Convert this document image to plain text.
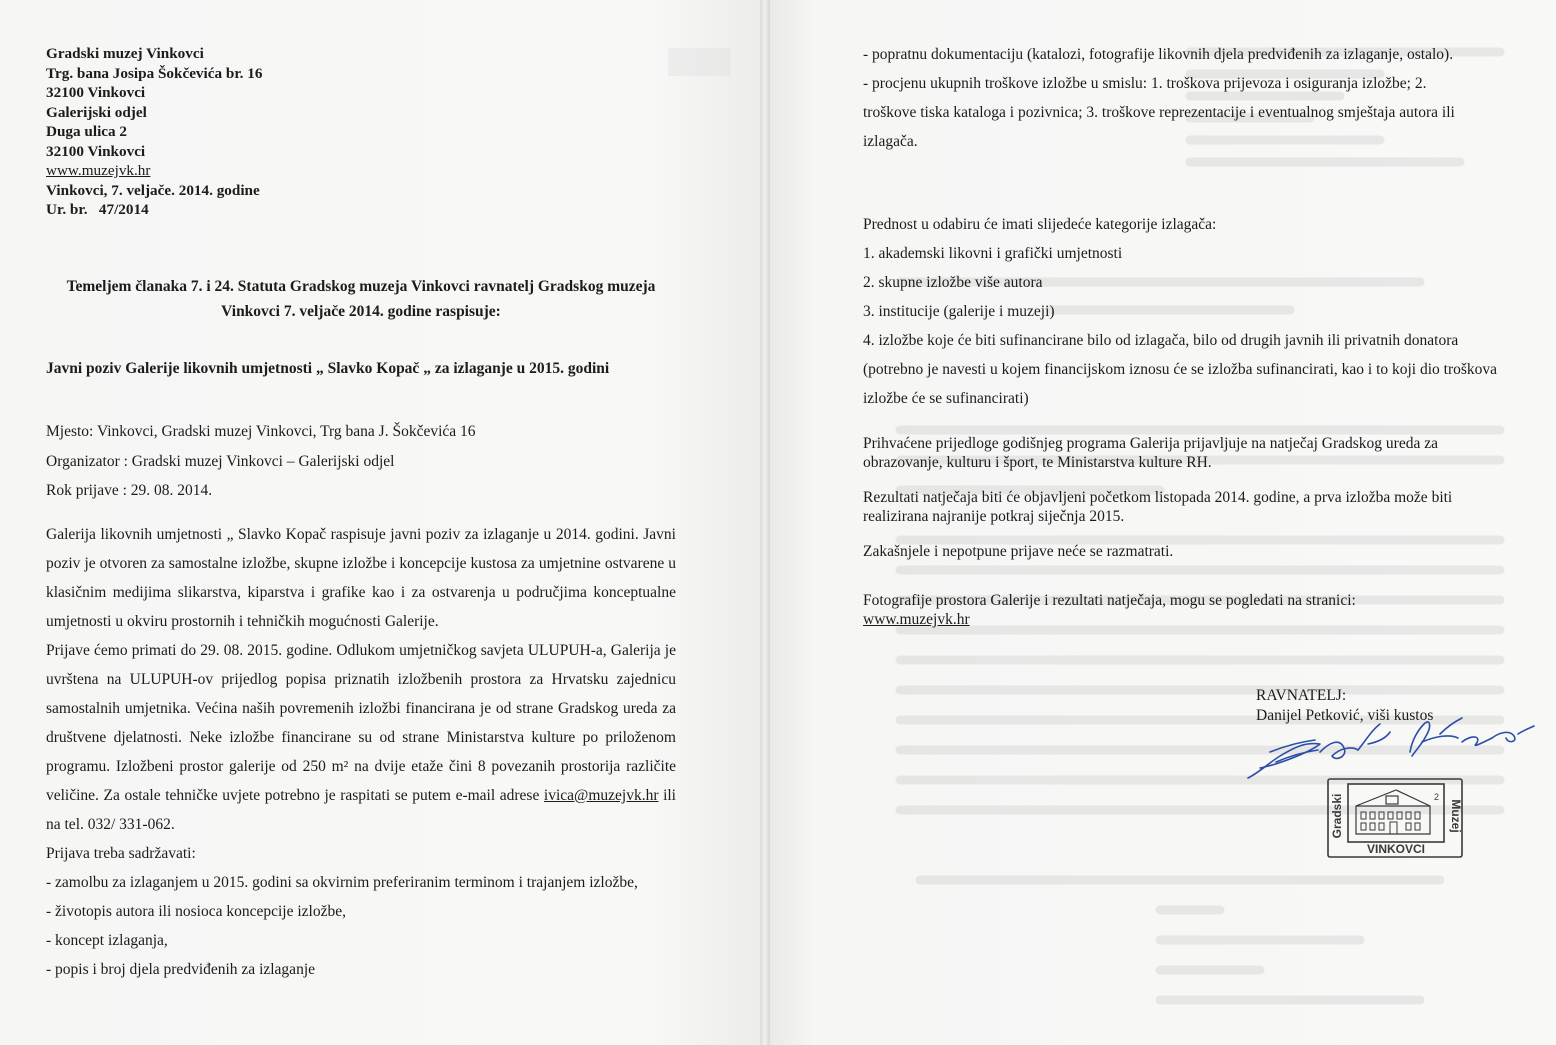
Gradski muzej Vinkovci
Trg. bana Josipa Šokčevića br. 16
32100 Vinkovci
Galerijski odjel
Duga ulica 2
32100 Vinkovci
www.muzejvk.hr
Vinkovci, 7. veljače. 2014. godine
Ur. br.   47/2014
Temeljem članaka 7. i 24. Statuta Gradskog muzeja Vinkovci ravnatelj Gradskog muzeja Vinkovci 7. veljače 2014. godine raspisuje:
Javni poziv Galerije likovnih umjetnosti „ Slavko Kopač „ za izlaganje u 2015. godini
Mjesto: Vinkovci, Gradski muzej Vinkovci, Trg bana J. Šokčevića 16
Organizator : Gradski muzej Vinkovci – Galerijski odjel
Rok prijave : 29. 08. 2014.

Galerija likovnih umjetnosti „ Slavko Kopač raspisuje javni poziv za izlaganje u 2014. godini. Javni poziv je otvoren za samostalne izložbe, skupne izložbe i koncepcije kustosa za umjetnine ostvarene u klasičnim medijima slikarstva, kiparstva i grafike kao i za ostvarenja u područjima konceptualne umjetnosti u okviru prostornih i tehničkih mogućnosti Galerije.

Prijave ćemo primati do 29. 08. 2015. godine. Odlukom umjetničkog savjeta ULUPUH-a, Galerija je uvrštena na ULUPUH-ov prijedlog popisa priznatih izložbenih prostora za Hrvatsku zajednicu samostalnih umjetnika. Većina naših povremenih izložbi financirana je od strane Gradskog ureda za društvene djelatnosti. Neke izložbe financirane su od strane Ministarstva kulture po priloženom programu. Izložbeni prostor galerije od 250 m² na dvije etaže čini 8 povezanih prostorija različite veličine. Za ostale tehničke uvjete potrebno je raspitati se putem e-mail adrese ivica@muzejvk.hr ili na tel. 032/ 331-062.

Prijava treba sadržavati:
- zamolbu za izlaganjem u 2015. godini sa okvirnim preferiranim terminom i trajanjem izložbe,
- životopis autora ili nosioca koncepcije izložbe,
- koncept izlaganja,
- popis i broj djela predviđenih za izlaganje

- popratnu dokumentaciju (katalozi, fotografije likovnih djela predviđenih za izlaganje, ostalo).

- procjenu ukupnih troškove izložbe u smislu: 1. troškova prijevoza i osiguranja izložbe; 2. troškove tiska kataloga i pozivnica; 3. troškove reprezentacije i eventualnog smještaja autora ili izlagača.

Prednost u odabiru će imati slijedeće kategorije izlagača:

1. akademski likovni i grafički umjetnosti

2. skupne izložbe više autora

3. institucije (galerije i muzeji)

4. izložbe koje će biti sufinancirane bilo od izlagača, bilo od drugih javnih ili privatnih donatora (potrebno je navesti u kojem financijskom iznosu će se izložba sufinancirati, kao i to koji dio troškova izložbe će se sufinancirati)

Prihvaćene prijedloge godišnjeg programa Galerija prijavljuje na natječaj Gradskog ureda za obrazovanje, kulturu i šport, te Ministarstva kulture RH.

Rezultati natječaja biti će objavljeni početkom listopada 2014. godine, a prva izložba može biti realizirana najranije potkraj siječnja 2015.

Zakašnjele i nepotpune prijave neće se razmatrati.

Fotografije prostora Galerije i rezultati natječaja, mogu se pogledati na stranici:
www.muzejvk.hr
RAVNATELJ:
Danijel Petković, viši kustos
Gradski	Muzej
2
VINKOVCI
